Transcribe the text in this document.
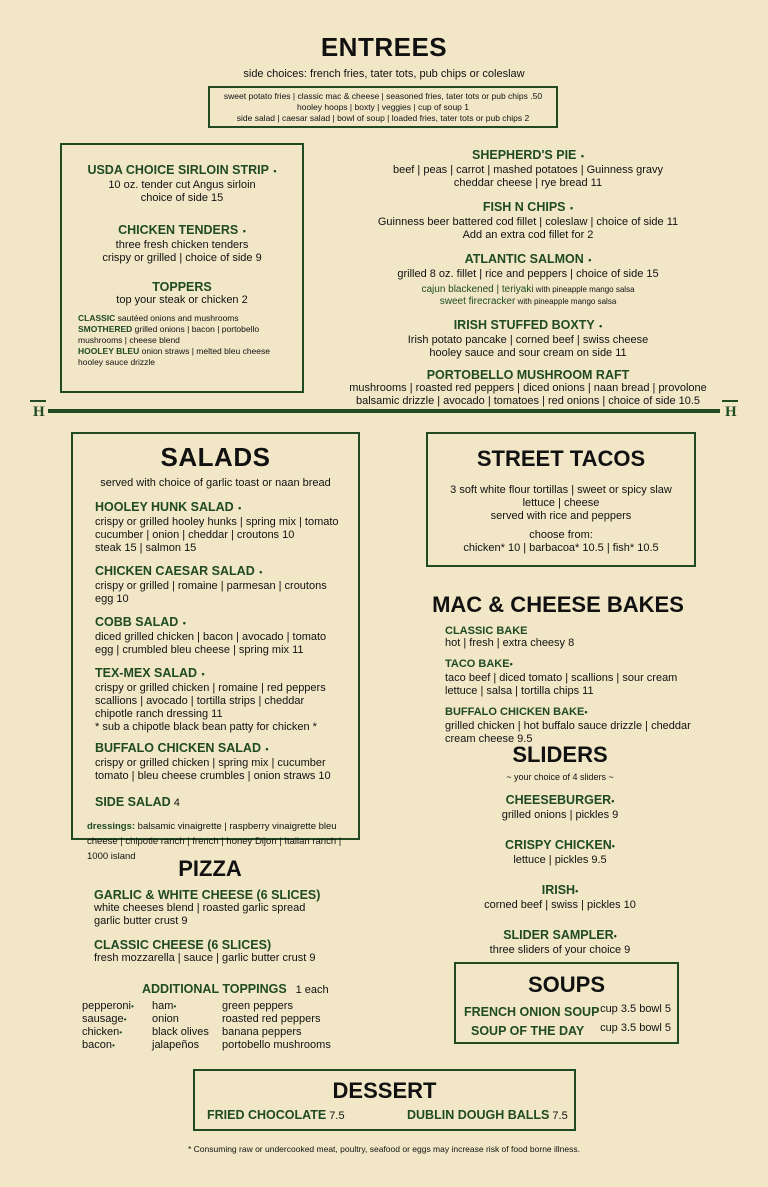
ENTREES
side choices: french fries, tater tots, pub chips or coleslaw
sweet potato fries | classic mac & cheese | seasoned fries, tater tots or pub chips .50
hooley hoops | boxty | veggies | cup of soup 1
side salad | caesar salad | bowl of soup | loaded fries, tater tots or pub chips 2
USDA CHOICE SIRLOIN STRIP •
10 oz. tender cut Angus sirloin
choice of side 15
CHICKEN TENDERS •
three fresh chicken tenders
crispy or grilled | choice of side 9
TOPPERS
top your steak or chicken 2
CLASSIC sautéed onions and mushrooms
SMOTHERED grilled onions | bacon | portobello mushrooms | cheese blend
HOOLEY BLEU onion straws | melted bleu cheese hooley sauce drizzle
SHEPHERD'S PIE •
beef | peas | carrot | mashed potatoes | Guinness gravy
cheddar cheese | rye bread 11
FISH N CHIPS •
Guinness beer battered cod fillet | coleslaw | choice of side 11
Add an extra cod fillet for 2
ATLANTIC SALMON •
grilled 8 oz. fillet | rice and peppers | choice of side 15
cajun blackened | teriyaki with pineapple mango salsa
sweet firecracker with pineapple mango salsa
IRISH STUFFED BOXTY •
Irish potato pancake | corned beef | swiss cheese
hooley sauce and sour cream on side 11
PORTOBELLO MUSHROOM RAFT
mushrooms | roasted red peppers | diced onions | naan bread | provolone
balsamic drizzle | avocado | tomatoes | red onions | choice of side 10.5
H	H
SALADS
served with choice of garlic toast or naan bread
HOOLEY HUNK SALAD •
crispy or grilled hooley hunks | spring mix | tomato
cucumber | onion | cheddar | croutons 10
steak 15 | salmon 15
CHICKEN CAESAR SALAD •
crispy or grilled | romaine | parmesan | croutons
egg 10
COBB SALAD •
diced grilled chicken | bacon | avocado | tomato
egg | crumbled bleu cheese | spring mix 11
TEX-MEX SALAD •
crispy or grilled chicken | romaine | red peppers
scallions | avocado | tortilla strips | cheddar
chipotle ranch dressing 11
* sub a chipotle black bean patty for chicken *
BUFFALO CHICKEN SALAD •
crispy or grilled chicken | spring mix | cucumber
tomato | bleu cheese crumbles | onion straws 10
SIDE SALAD 4
dressings: balsamic vinaigrette | raspberry vinaigrette bleu cheese | chipotle ranch | french | honey Dijon | Italian ranch | 1000 island
STREET TACOS
3 soft white flour tortillas | sweet or spicy slaw
lettuce | cheese
served with rice and peppers
choose from:
chicken* 10 | barbacoa* 10.5 | fish* 10.5
MAC & CHEESE BAKES
CLASSIC BAKE
hot | fresh | extra cheesy 8
TACO BAKE•
taco beef | diced tomato | scallions | sour cream
lettuce | salsa | tortilla chips 11
BUFFALO CHICKEN BAKE•
grilled chicken | hot buffalo sauce drizzle | cheddar
cream cheese 9.5
SLIDERS
~ your choice of 4 sliders ~
CHEESEBURGER•
grilled onions | pickles 9
CRISPY CHICKEN•
lettuce | pickles 9.5
IRISH•
corned beef | swiss | pickles 10
SLIDER SAMPLER•
three sliders of your choice 9
PIZZA
GARLIC & WHITE CHEESE (6 SLICES)
white cheeses blend | roasted garlic spread
garlic butter crust 9
CLASSIC CHEESE (6 SLICES)
fresh mozzarella | sauce | garlic butter crust 9
ADDITIONAL TOPPINGS 1 each
pepperoni•
sausage•
chicken•
bacon•
ham•
onion
black olives
jalapeños
green peppers
roasted red peppers
banana peppers
portobello mushrooms
SOUPS
FRENCH ONION SOUP cup 3.5 bowl 5
SOUP OF THE DAY cup 3.5 bowl 5
DESSERT
FRIED CHOCOLATE 7.5	DUBLIN DOUGH BALLS 7.5
* Consuming raw or undercooked meat, poultry, seafood or eggs may increase risk of food borne illness.
